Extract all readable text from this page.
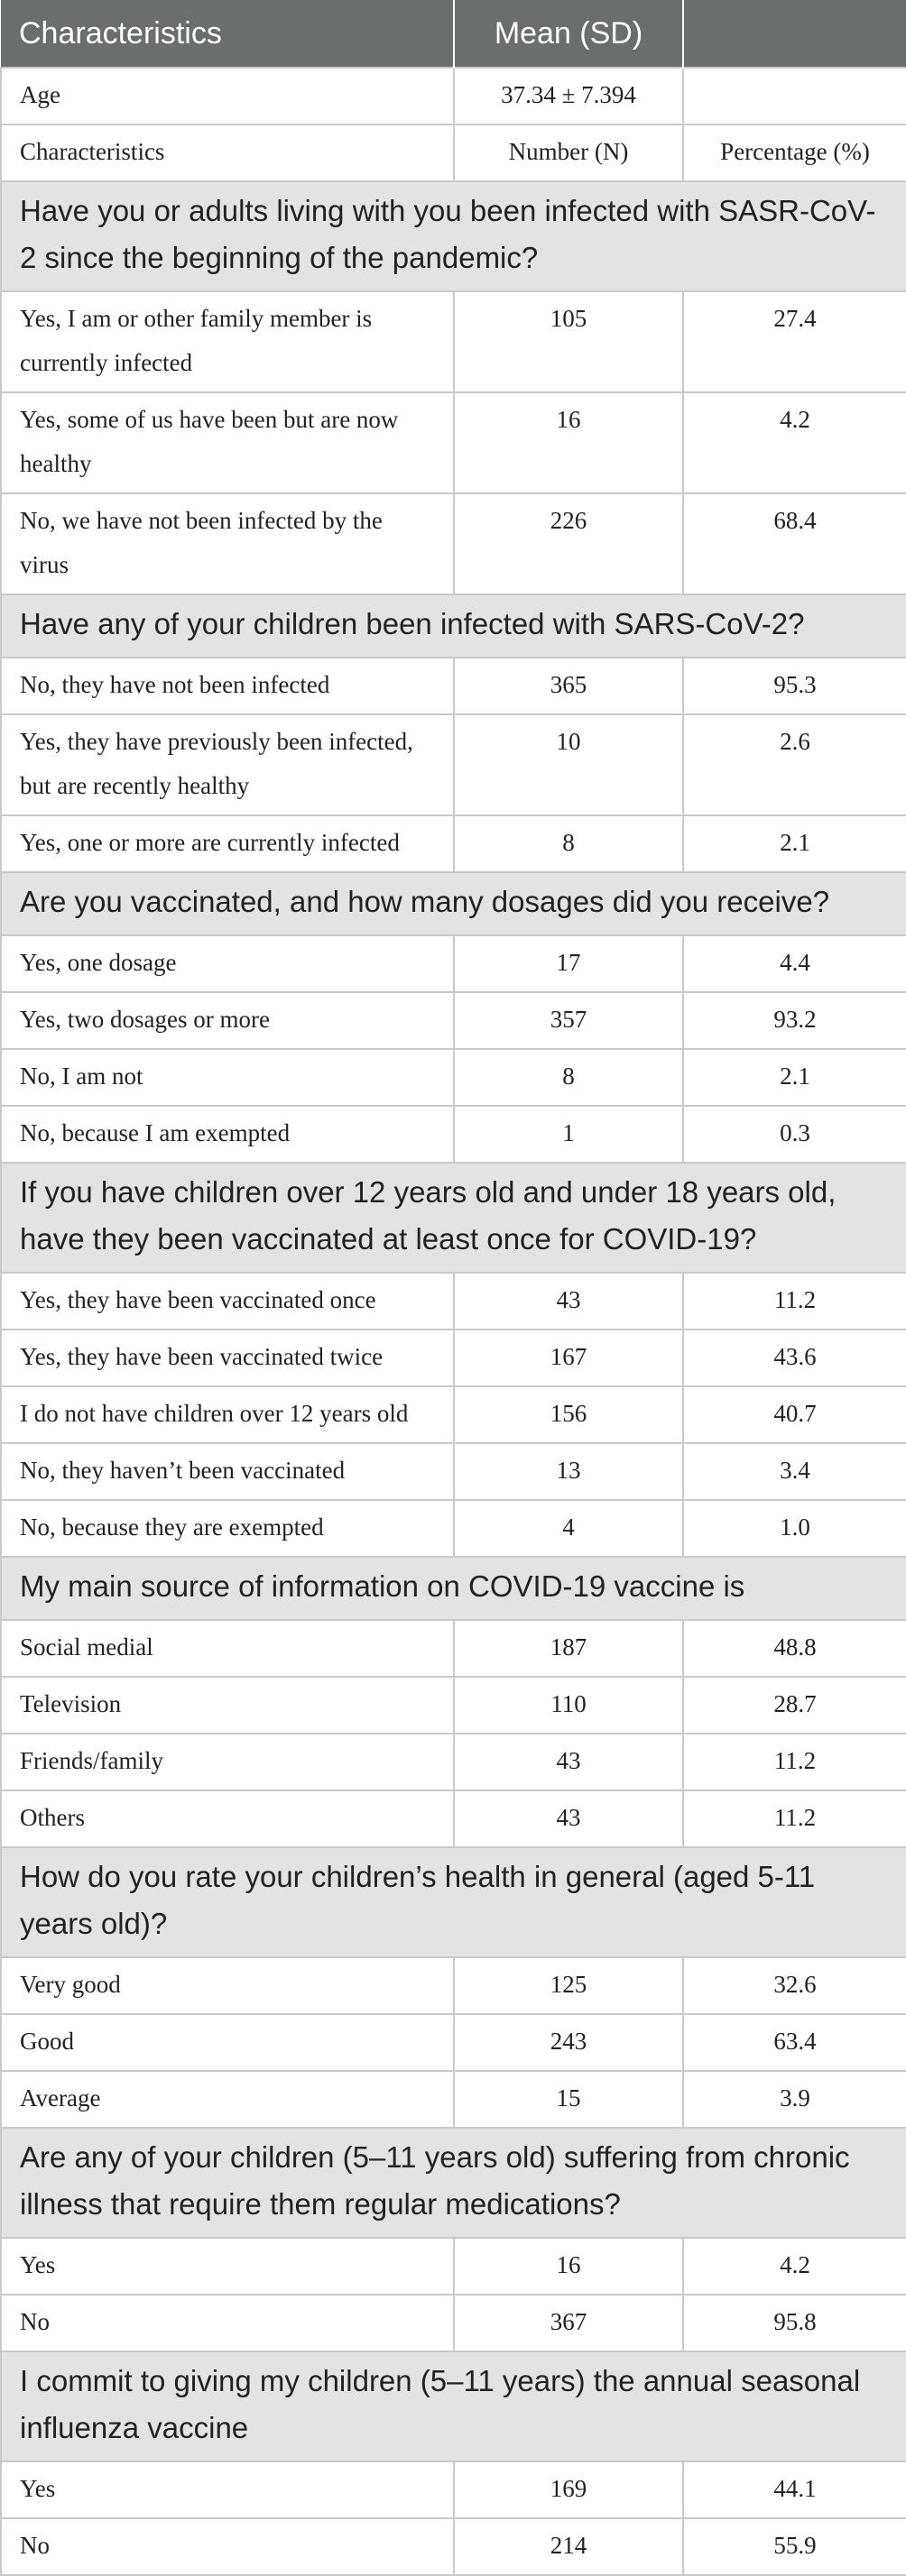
Characteristics	Mean (SD)	
Age	37.34 ± 7.394	
Characteristics	Number (N)	Percentage (%)
Have you or adults living with you been infected with SASR-CoV-2 since the beginning of the pandemic?		
Yes, I am or other family member is currently infected	105	27.4
Yes, some of us have been but are now healthy	16	4.2
No, we have not been infected by the virus	226	68.4
Have any of your children been infected with SARS-CoV-2?		
No, they have not been infected	365	95.3
Yes, they have previously been infected, but are recently healthy	10	2.6
Yes, one or more are currently infected	8	2.1
Are you vaccinated, and how many dosages did you receive?		
Yes, one dosage	17	4.4
Yes, two dosages or more	357	93.2
No, I am not	8	2.1
No, because I am exempted	1	0.3
If you have children over 12 years old and under 18 years old, have they been vaccinated at least once for COVID-19?		
Yes, they have been vaccinated once	43	11.2
Yes, they have been vaccinated twice	167	43.6
I do not have children over 12 years old	156	40.7
No, they haven’t been vaccinated	13	3.4
No, because they are exempted	4	1.0
My main source of information on COVID-19 vaccine is		
Social medial	187	48.8
Television	110	28.7
Friends/family	43	11.2
Others	43	11.2
How do you rate your children’s health in general (aged 5-11 years old)?		
Very good	125	32.6
Good	243	63.4
Average	15	3.9
Are any of your children (5–11 years old) suffering from chronic illness that require them regular medications?		
Yes	16	4.2
No	367	95.8
I commit to giving my children (5–11 years) the annual seasonal influenza vaccine		
Yes	169	44.1
No	214	55.9
